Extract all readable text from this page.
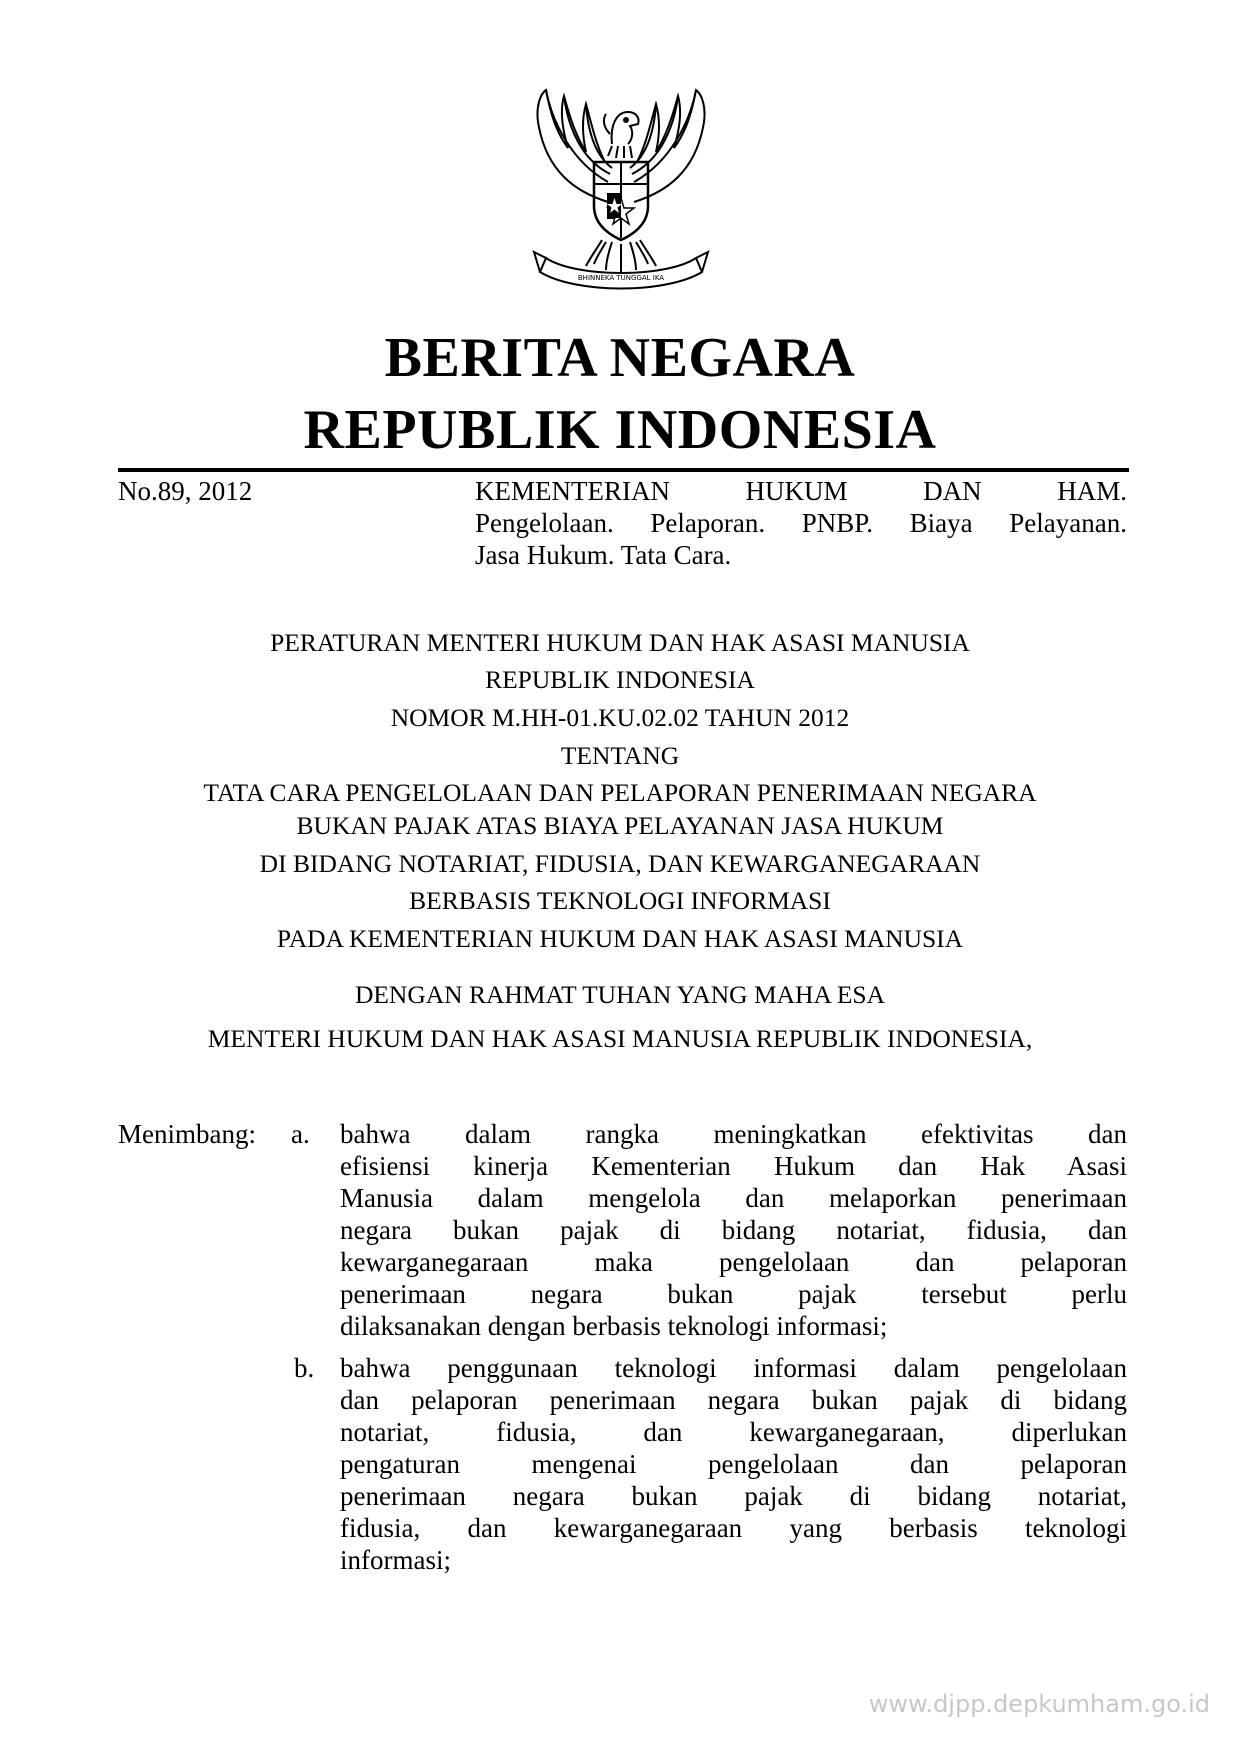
BHINNEKA TUNGGAL IKA
BERITA NEGARA
REPUBLIK INDONESIA
No.89, 2012	KEMENTERIAN HUKUM DAN HAM.
Pengelolaan. Pelaporan. PNBP. Biaya Pelayanan.
Jasa Hukum. Tata Cara.
PERATURAN MENTERI HUKUM DAN HAK ASASI MANUSIA
REPUBLIK INDONESIA
NOMOR M.HH-01.KU.02.02 TAHUN 2012
TENTANG
TATA CARA PENGELOLAAN DAN PELAPORAN PENERIMAAN NEGARA
BUKAN PAJAK ATAS BIAYA PELAYANAN JASA HUKUM
DI BIDANG NOTARIAT, FIDUSIA, DAN KEWARGANEGARAAN
BERBASIS TEKNOLOGI INFORMASI
PADA KEMENTERIAN HUKUM DAN HAK ASASI MANUSIA
DENGAN RAHMAT TUHAN YANG MAHA ESA
MENTERI HUKUM DAN HAK ASASI MANUSIA REPUBLIK INDONESIA,
Menimbang: a. bahwa dalam rangka meningkatkan efektivitas dan
efisiensi kinerja Kementerian Hukum dan Hak Asasi
Manusia dalam mengelola dan melaporkan penerimaan
negara bukan pajak di bidang notariat, fidusia, dan
kewarganegaraan maka pengelolaan dan pelaporan
penerimaan negara bukan pajak tersebut perlu
dilaksanakan dengan berbasis teknologi informasi;
b. bahwa penggunaan teknologi informasi dalam pengelolaan
dan pelaporan penerimaan negara bukan pajak di bidang
notariat, fidusia, dan kewarganegaraan, diperlukan
pengaturan mengenai pengelolaan dan pelaporan
penerimaan negara bukan pajak di bidang notariat,
fidusia, dan kewarganegaraan yang berbasis teknologi
informasi;
www.djpp.depkumham.go.id
